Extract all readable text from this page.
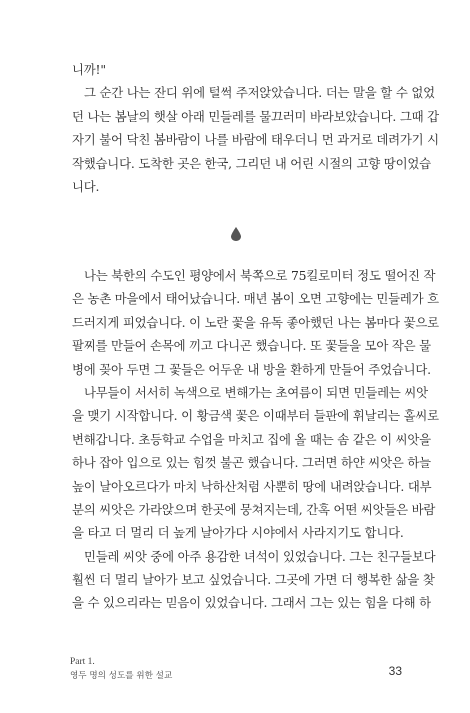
니까!"
그 순간 나는 잔디 위에 털썩 주저앉았습니다. 더는 말을 할 수 없었
던 나는 봄날의 햇살 아래 민들레를 물끄러미 바라보았습니다. 그때 갑
자기 불어 닥친 봄바람이 나를 바람에 태우더니 먼 과거로 데려가기 시
작했습니다. 도착한 곳은 한국, 그리던 내 어린 시절의 고향 땅이었습
니다.
나는 북한의 수도인 평양에서 북쪽으로 75킬로미터 정도 떨어진 작
은 농촌 마을에서 태어났습니다. 매년 봄이 오면 고향에는 민들레가 흐
드러지게 피었습니다. 이 노란 꽃을 유독 좋아했던 나는 봄마다 꽃으로
팔찌를 만들어 손목에 끼고 다니곤 했습니다. 또 꽃들을 모아 작은 물
병에 꽂아 두면 그 꽃들은 어두운 내 방을 환하게 만들어 주었습니다.
나무들이 서서히 녹색으로 변해가는 초여름이 되면 민들레는 씨앗
을 맺기 시작합니다. 이 황금색 꽃은 이때부터 들판에 휘날리는 홀씨로
변해갑니다. 초등학교 수업을 마치고 집에 올 때는 솜 같은 이 씨앗을
하나 잡아 입으로 있는 힘껏 불곤 했습니다. 그러면 하얀 씨앗은 하늘
높이 날아오르다가 마치 낙하산처럼 사뿐히 땅에 내려앉습니다. 대부
분의 씨앗은 가라앉으며 한곳에 뭉쳐지는데, 간혹 어떤 씨앗들은 바람
을 타고 더 멀리 더 높게 날아가다 시야에서 사라지기도 합니다.
민들레 씨앗 중에 아주 용감한 녀석이 있었습니다. 그는 친구들보다
훨씬 더 멀리 날아가 보고 싶었습니다. 그곳에 가면 더 행복한 삶을 찾
을 수 있으리라는 믿음이 있었습니다. 그래서 그는 있는 힘을 다해 하
Part 1.
영두 명의 성도를 위한 설교	33
